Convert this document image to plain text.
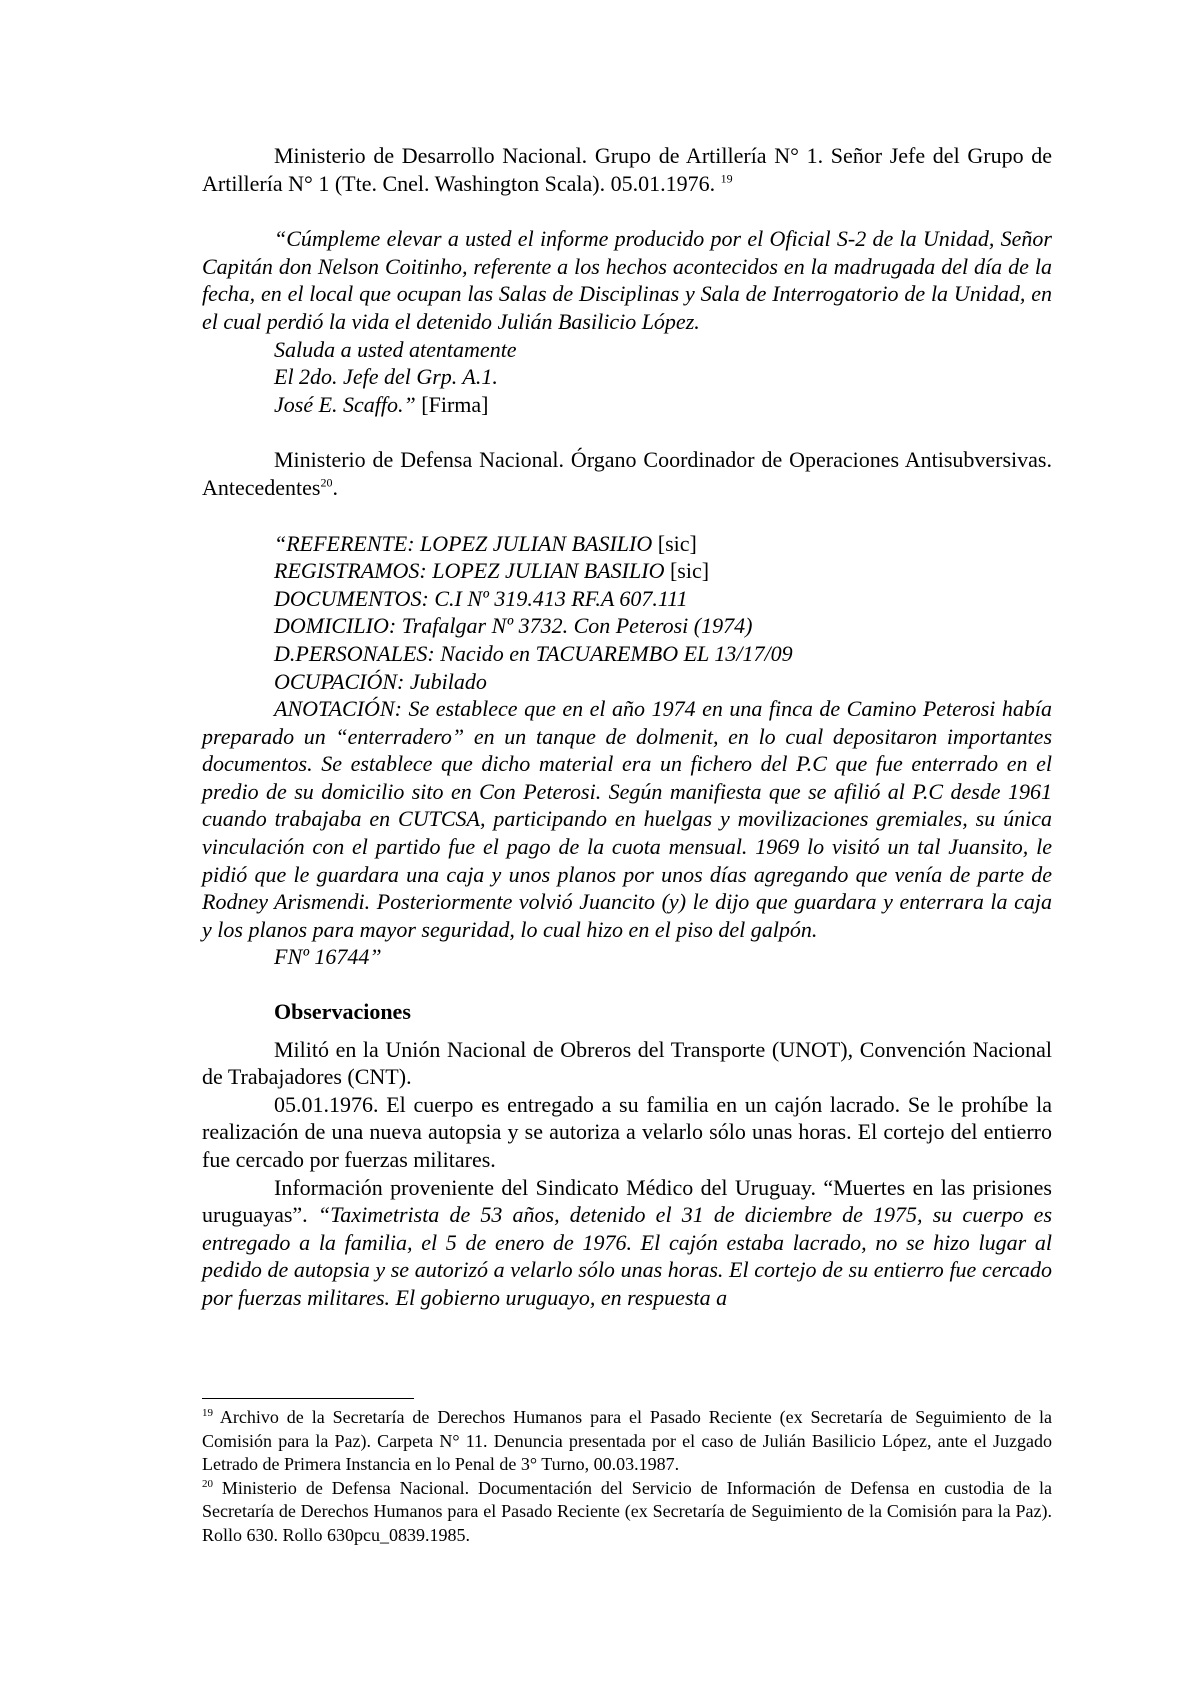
Ministerio de Desarrollo Nacional. Grupo de Artillería N° 1. Señor Jefe del Grupo de Artillería N° 1 (Tte. Cnel. Washington Scala). 05.01.1976. $^{19}$

“Cúmpleme elevar a usted el informe producido por el Oficial S-2 de la Unidad, Señor Capitán don Nelson Coitinho, referente a los hechos acontecidos en la madrugada del día de la fecha, en el local que ocupan las Salas de Disciplinas y Sala de Interrogatorio de la Unidad, en el cual perdió la vida el detenido Julián Basilicio López.

Saluda a usted atentamente

El 2do. Jefe del Grp. A.1.

José E. Scaffo.” [Firma]

Ministerio de Defensa Nacional. Órgano Coordinador de Operaciones Antisubversivas. Antecedentes$^{20}$.

“REFERENTE: LOPEZ JULIAN BASILIO [sic]

REGISTRAMOS: LOPEZ JULIAN BASILIO [sic]

DOCUMENTOS: C.I Nº 319.413 RF.A 607.111

DOMICILIO: Trafalgar Nº 3732. Con Peterosi (1974)

D.PERSONALES: Nacido en TACUAREMBO EL 13/17/09

OCUPACIÓN: Jubilado

ANOTACIÓN: Se establece que en el año 1974 en una finca de Camino Peterosi había preparado un “enterradero” en un tanque de dolmenit, en lo cual depositaron importantes documentos. Se establece que dicho material era un fichero del P.C que fue enterrado en el predio de su domicilio sito en Con Peterosi. Según manifiesta que se afilió al P.C desde 1961 cuando trabajaba en CUTCSA, participando en huelgas y movilizaciones gremiales, su única vinculación con el partido fue el pago de la cuota mensual. 1969 lo visitó un tal Juansito, le pidió que le guardara una caja y unos planos por unos días agregando que venía de parte de Rodney Arismendi. Posteriormente volvió Juancito (y) le dijo que guardara y enterrara la caja y los planos para mayor seguridad, lo cual hizo en el piso del galpón.

FNº 16744”

Observaciones

Militó en la Unión Nacional de Obreros del Transporte (UNOT), Convención Nacional de Trabajadores (CNT).

05.01.1976. El cuerpo es entregado a su familia en un cajón lacrado. Se le prohíbe la realización de una nueva autopsia y se autoriza a velarlo sólo unas horas. El cortejo del entierro fue cercado por fuerzas militares.

Información proveniente del Sindicato Médico del Uruguay. “Muertes en las prisiones uruguayas”. “Taximetrista de 53 años, detenido el 31 de diciembre de 1975, su cuerpo es entregado a la familia, el 5 de enero de 1976. El cajón estaba lacrado, no se hizo lugar al pedido de autopsia y se autorizó a velarlo sólo unas horas. El cortejo de su entierro fue cercado por fuerzas militares. El gobierno uruguayo, en respuesta a

$^{19}$ Archivo de la Secretaría de Derechos Humanos para el Pasado Reciente (ex Secretaría de Seguimiento de la Comisión para la Paz). Carpeta N° 11. Denuncia presentada por el caso de Julián Basilicio López, ante el Juzgado Letrado de Primera Instancia en lo Penal de 3° Turno, 00.03.1987.

$^{20}$ Ministerio de Defensa Nacional. Documentación del Servicio de Información de Defensa en custodia de la Secretaría de Derechos Humanos para el Pasado Reciente (ex Secretaría de Seguimiento de la Comisión para la Paz). Rollo 630. Rollo 630pcu_0839.1985.
